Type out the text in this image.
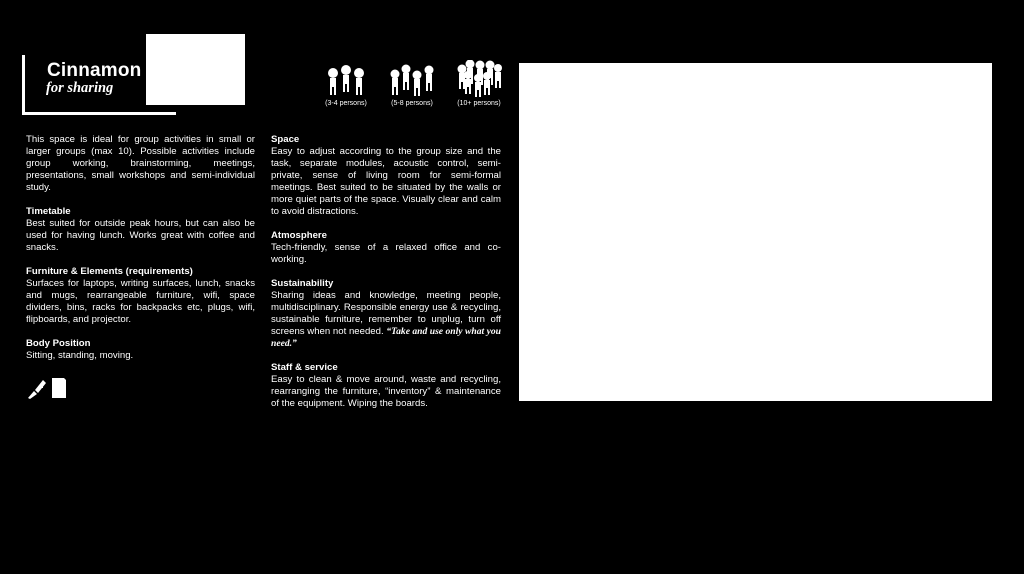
Cinnamon
for sharing
(3-4 persons)	(5-8 persons)	(10+ persons)

This space is ideal for group activities in small or larger groups (max 10). Possible activities include group working, brainstorming, meetings, presentations, small workshops and semi-individual study.

Timetable
Best suited for outside peak hours, but can also be used for having lunch. Works great with coffee and snacks.

Furniture & Elements (requirements)
Surfaces for laptops, writing surfaces, lunch, snacks and mugs, rearrangeable furniture, wifi, space dividers, bins, racks for backpacks etc, plugs, wifi, flipboards, and projector.

Body Position
Sitting, standing, moving.

Space
Easy to adjust according to the group size and the task, separate modules, acoustic control, semi-private, sense of living room for semi-formal meetings. Best suited to be situated by the walls or more quiet parts of the space. Visually clear and calm to avoid distractions.

Atmosphere
Tech-friendly, sense of a relaxed office and co-working.

Sustainability
Sharing ideas and knowledge, meeting people, multidisciplinary. Responsible energy use & recycling, sustainable furniture, remember to unplug, turn off screens when not needed. “Take and use only what you need.”

Staff & service
Easy to clean & move around, waste and recycling, rearranging the furniture, “inventory” & maintenance of the equipment. Wiping the boards.
